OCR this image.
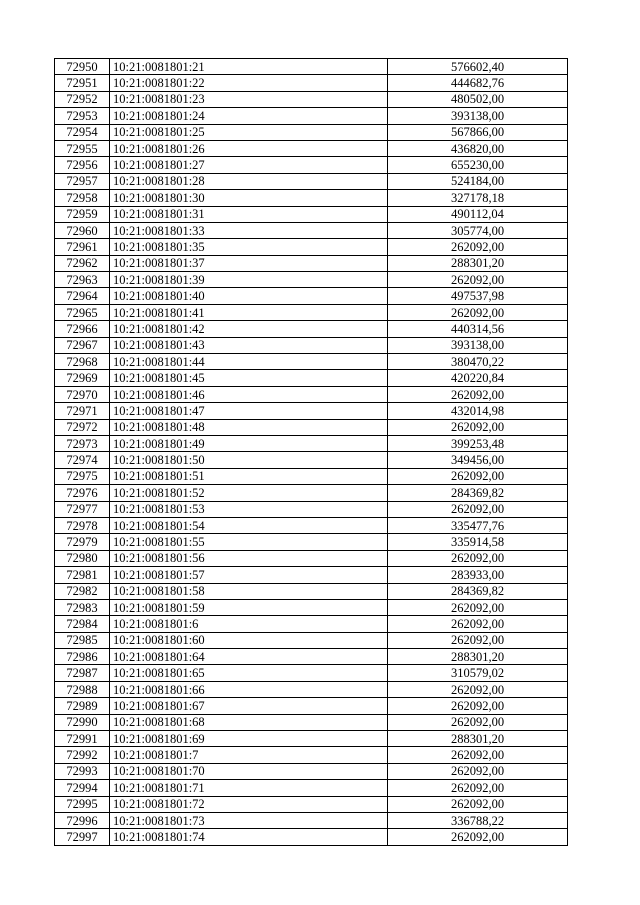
72950	10:21:0081801:21	576602,40
72951	10:21:0081801:22	444682,76
72952	10:21:0081801:23	480502,00
72953	10:21:0081801:24	393138,00
72954	10:21:0081801:25	567866,00
72955	10:21:0081801:26	436820,00
72956	10:21:0081801:27	655230,00
72957	10:21:0081801:28	524184,00
72958	10:21:0081801:30	327178,18
72959	10:21:0081801:31	490112,04
72960	10:21:0081801:33	305774,00
72961	10:21:0081801:35	262092,00
72962	10:21:0081801:37	288301,20
72963	10:21:0081801:39	262092,00
72964	10:21:0081801:40	497537,98
72965	10:21:0081801:41	262092,00
72966	10:21:0081801:42	440314,56
72967	10:21:0081801:43	393138,00
72968	10:21:0081801:44	380470,22
72969	10:21:0081801:45	420220,84
72970	10:21:0081801:46	262092,00
72971	10:21:0081801:47	432014,98
72972	10:21:0081801:48	262092,00
72973	10:21:0081801:49	399253,48
72974	10:21:0081801:50	349456,00
72975	10:21:0081801:51	262092,00
72976	10:21:0081801:52	284369,82
72977	10:21:0081801:53	262092,00
72978	10:21:0081801:54	335477,76
72979	10:21:0081801:55	335914,58
72980	10:21:0081801:56	262092,00
72981	10:21:0081801:57	283933,00
72982	10:21:0081801:58	284369,82
72983	10:21:0081801:59	262092,00
72984	10:21:0081801:6	262092,00
72985	10:21:0081801:60	262092,00
72986	10:21:0081801:64	288301,20
72987	10:21:0081801:65	310579,02
72988	10:21:0081801:66	262092,00
72989	10:21:0081801:67	262092,00
72990	10:21:0081801:68	262092,00
72991	10:21:0081801:69	288301,20
72992	10:21:0081801:7	262092,00
72993	10:21:0081801:70	262092,00
72994	10:21:0081801:71	262092,00
72995	10:21:0081801:72	262092,00
72996	10:21:0081801:73	336788,22
72997	10:21:0081801:74	262092,00
